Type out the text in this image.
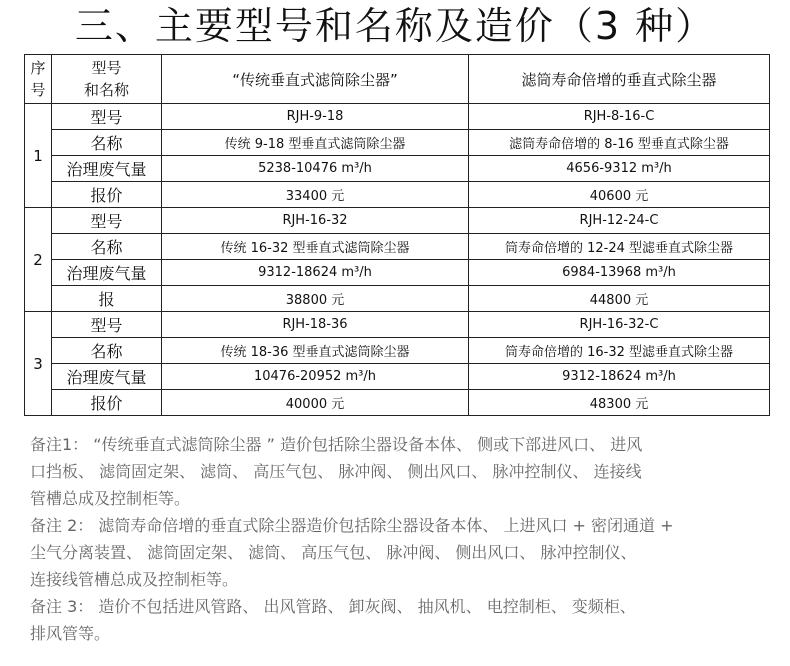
三、主要型号和名称及造价（3 种）
序
号	型号
和名称	“传统垂直式滤筒除尘器”	滤筒寿命倍增的垂直式除尘器
1	型号	RJH-9-18	RJH-8-16-C
	名称	传统 9-18 型垂直式滤筒除尘器	滤筒寿命倍增的 8-16 型垂直式除尘器
	治理废气量	5238-10476 m³/h	4656-9312 m³/h
	报价	33400 元	40600 元
2	型号	RJH-16-32	RJH-12-24-C
	名称	传统 16-32 型垂直式滤筒除尘器	筒寿命倍增的 12-24 型滤垂直式除尘器
	治理废气量	9312-18624 m³/h	6984-13968 m³/h
	报	38800 元	44800 元
3	型号	RJH-18-36	RJH-16-32-C
	名称	传统 18-36 型垂直式滤筒除尘器	筒寿命倍增的 16-32 型滤垂直式除尘器
	治理废气量	10476-20952 m³/h	9312-18624 m³/h
	报价	40000 元	48300 元
备注1： “传统垂直式滤筒除尘器 ” 造价包括除尘器设备本体、 侧或下部进风口、 进风
口挡板、 滤筒固定架、 滤筒、 高压气包、 脉冲阀、 侧出风口、 脉冲控制仪、 连接线
管槽总成及控制柜等。
备注 2： 滤筒寿命倍增的垂直式除尘器造价包括除尘器设备本体、 上进风口 + 密闭通道 +
尘气分离装置、 滤筒固定架、 滤筒、 高压气包、 脉冲阀、 侧出风口、 脉冲控制仪、
连接线管槽总成及控制柜等。
备注 3： 造价不包括进风管路、 出风管路、 卸灰阀、 抽风机、 电控制柜、 变频柜、
排风管等。
